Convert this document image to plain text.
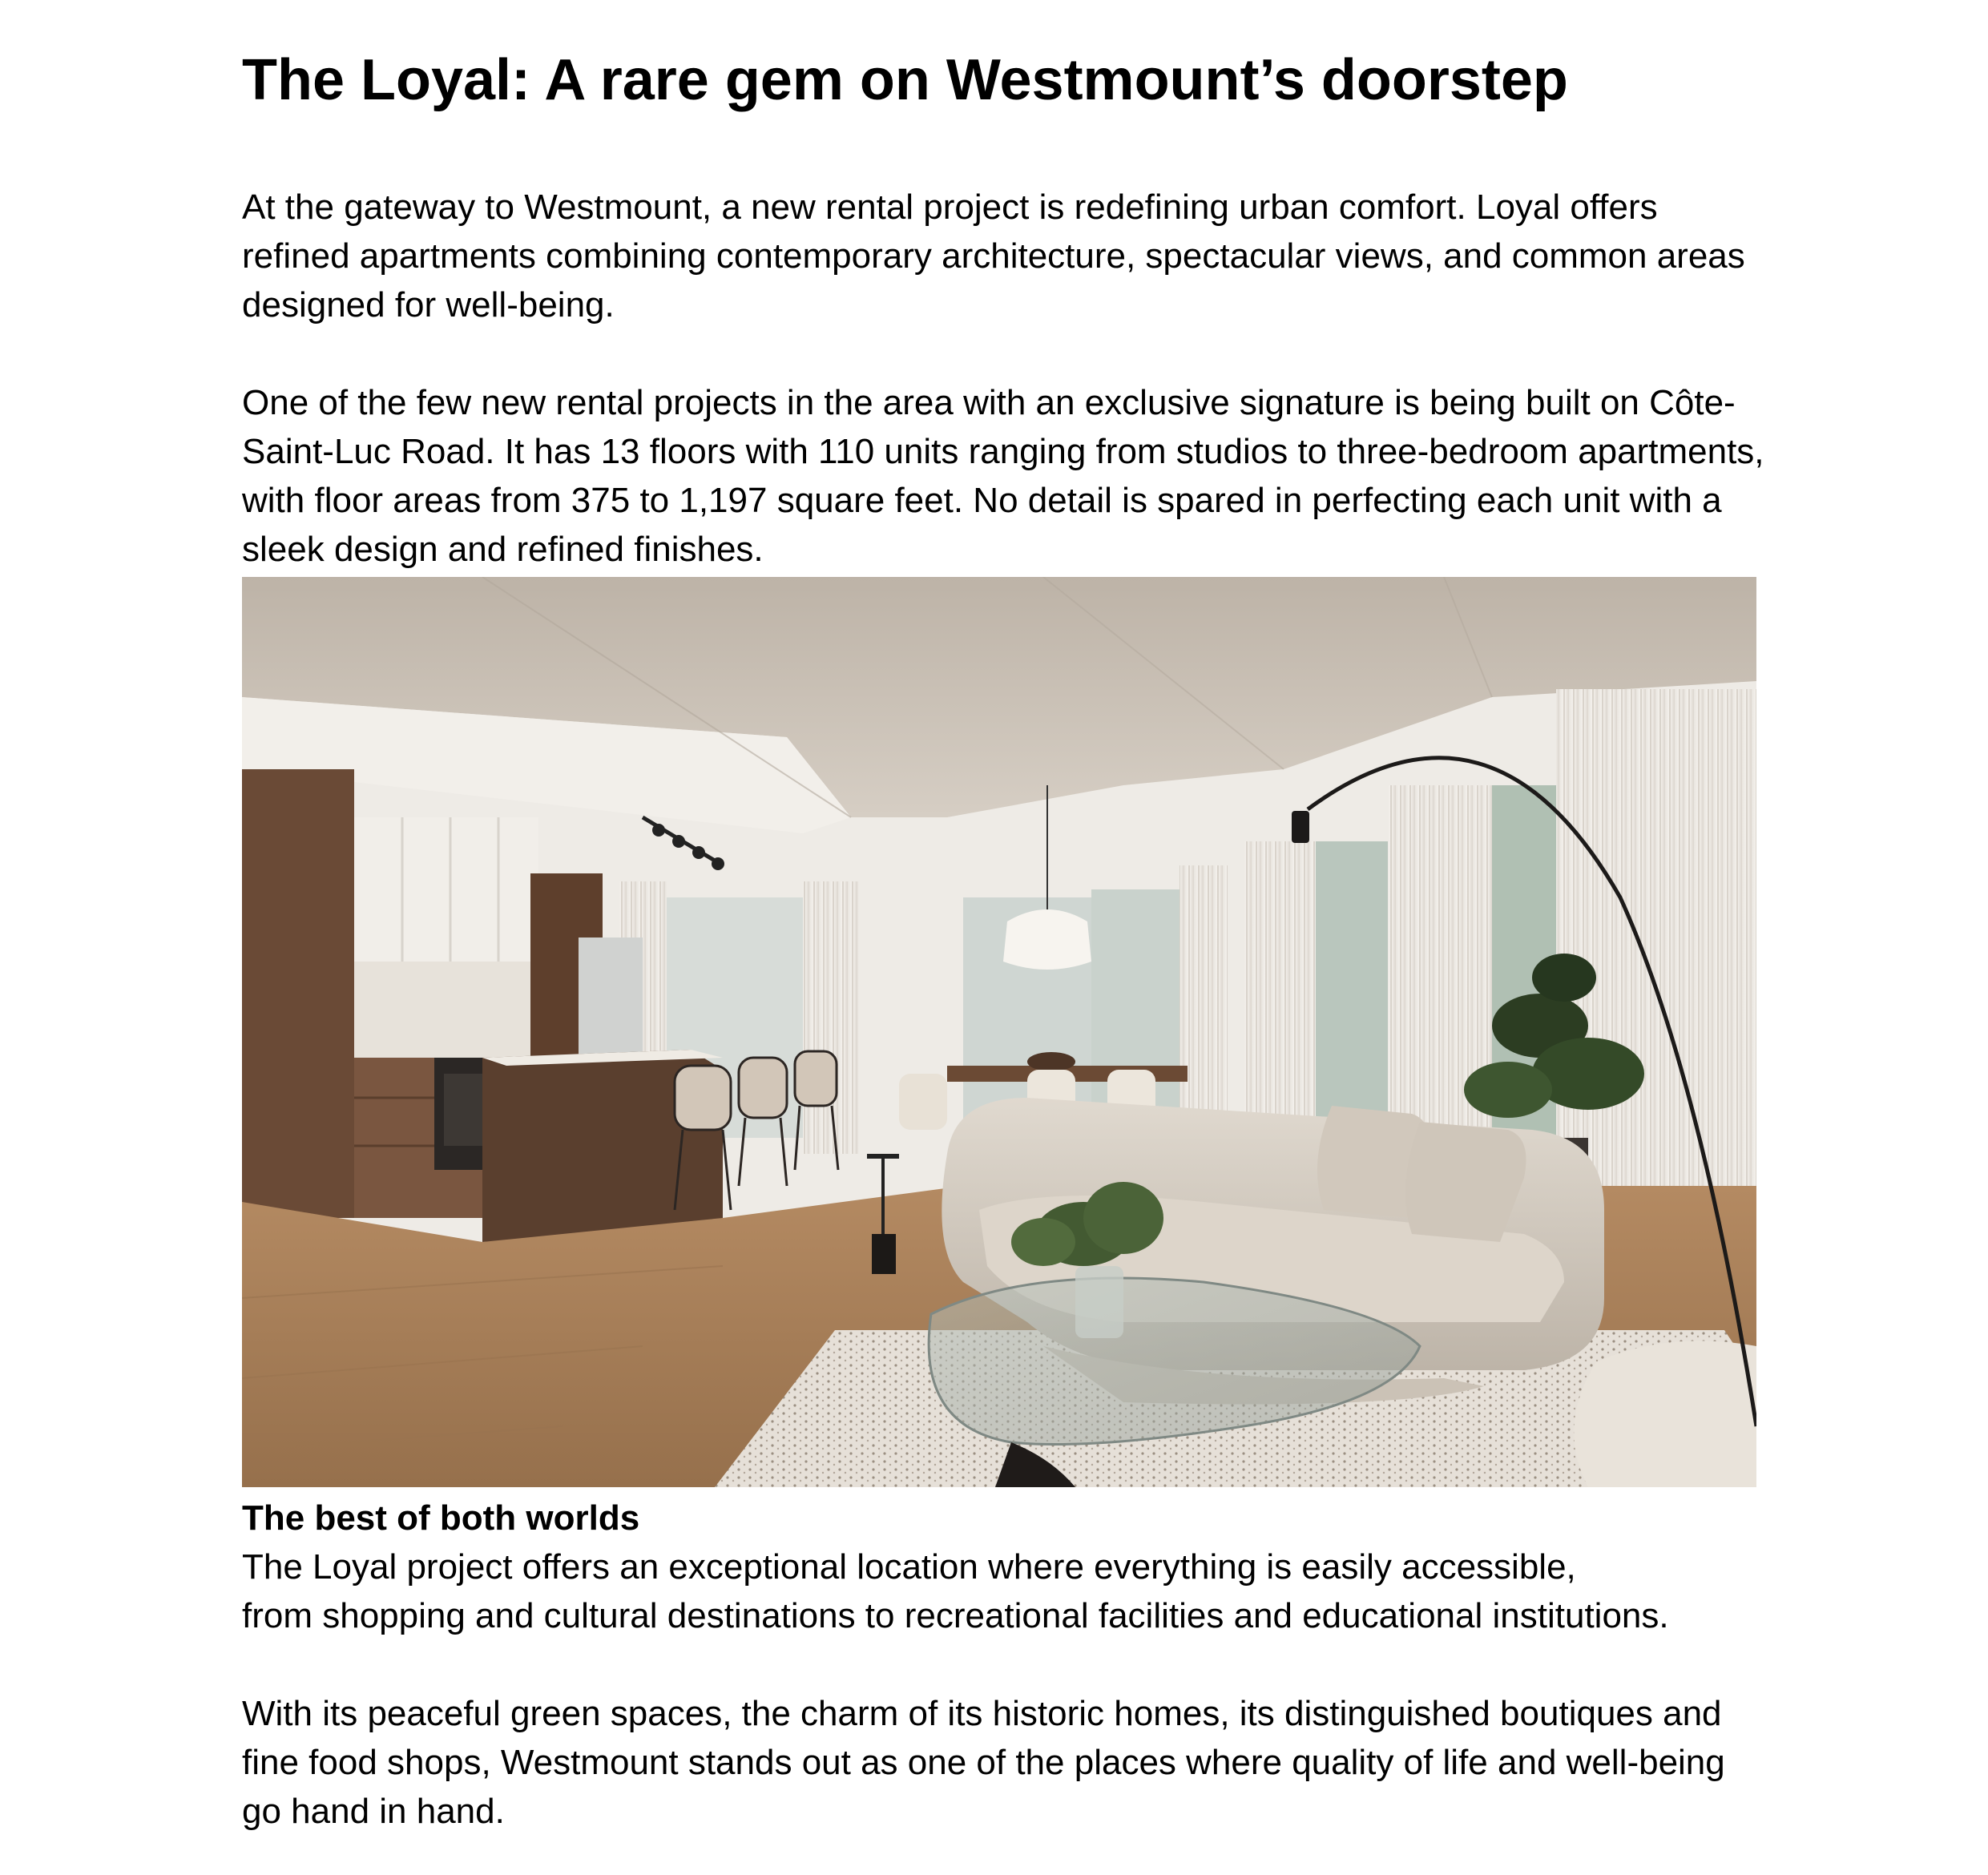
The Loyal: A rare gem on Westmount’s doorstep

At the gateway to Westmount, a new rental project is redefining urban comfort. Loyal offers refined apartments combining contemporary architecture, spectacular views, and common areas designed for well-being.

One of the few new rental projects in the area with an exclusive signature is being built on Côte-Saint-Luc Road. It has 13 floors with 110 units ranging from studios to three-bedroom apartments, with floor areas from 375 to 1,197 square feet. No detail is spared in perfecting each unit with a sleek design and refined finishes.

The best of both worlds

The Loyal project offers an exceptional location where everything is easily accessible,
from shopping and cultural destinations to recreational facilities and educational institutions.

With its peaceful green spaces, the charm of its historic homes, its distinguished boutiques and fine food shops, Westmount stands out as one of the places where quality of life and well-being go hand in hand.
